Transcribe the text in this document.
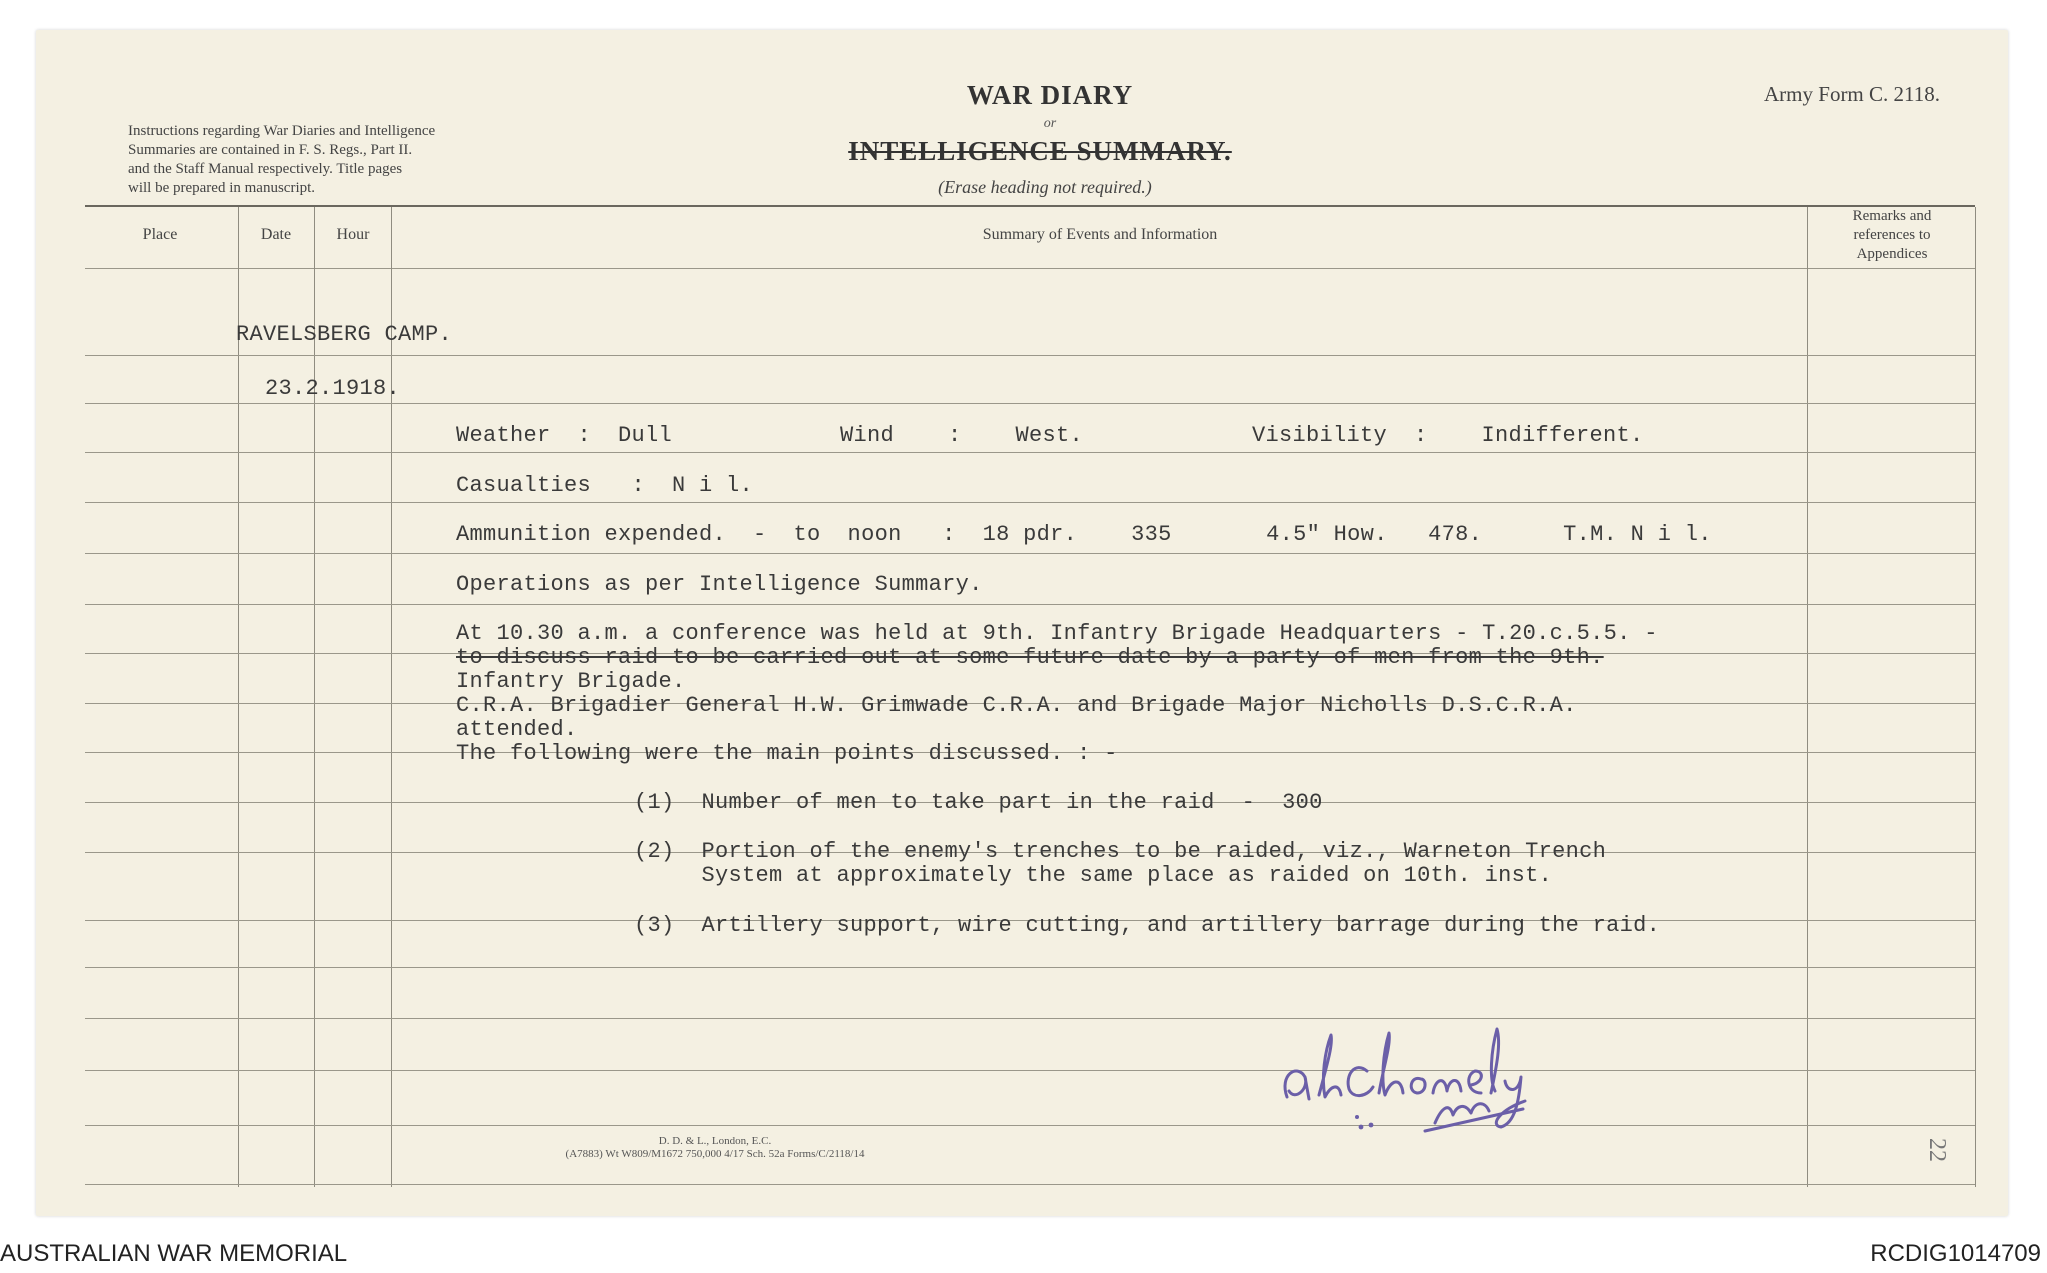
Instructions regarding War Diaries and Intelligence
Summaries are contained in F. S. Regs., Part II.
and the Staff Manual respectively. Title pages
will be prepared in manuscript.
WAR DIARY
or
INTELLIGENCE SUMMARY.
(Erase heading not required.)
Army Form C. 2118.
Place	Date	Hour	Summary of Events and Information
Remarks and
references to
Appendices
RAVELSBERG CAMP.
23.2.1918.
Weather  :  Dull	Wind    :    West.	Visibility  :    Indifferent.
Casualties   :  N i l.
Ammunition expended.  -  to  noon   :  18 pdr.    335       4.5" How.   478.      T.M. N i l.
Operations as per Intelligence Summary.
At 10.30 a.m. a conference was held at 9th. Infantry Brigade Headquarters - T.20.c.5.5. -
to discuss raid to be carried out at some future date by a party of men from the 9th.
Infantry Brigade.
C.R.A. Brigadier General H.W. Grimwade C.R.A. and Brigade Major Nicholls D.S.C.R.A.
attended.
The following were the main points discussed. : -
(1)  Number of men to take part in the raid  -  300
(2)  Portion of the enemy's trenches to be raided, viz., Warneton Trench
System at approximately the same place as raided on 10th. inst.
(3)  Artillery support, wire cutting, and artillery barrage during the raid.
D. D. & L., London, E.C.
(A7883) Wt W809/M1672 750,000 4/17 Sch. 52a Forms/C/2118/14	22
AUSTRALIAN WAR MEMORIAL	RCDIG1014709
